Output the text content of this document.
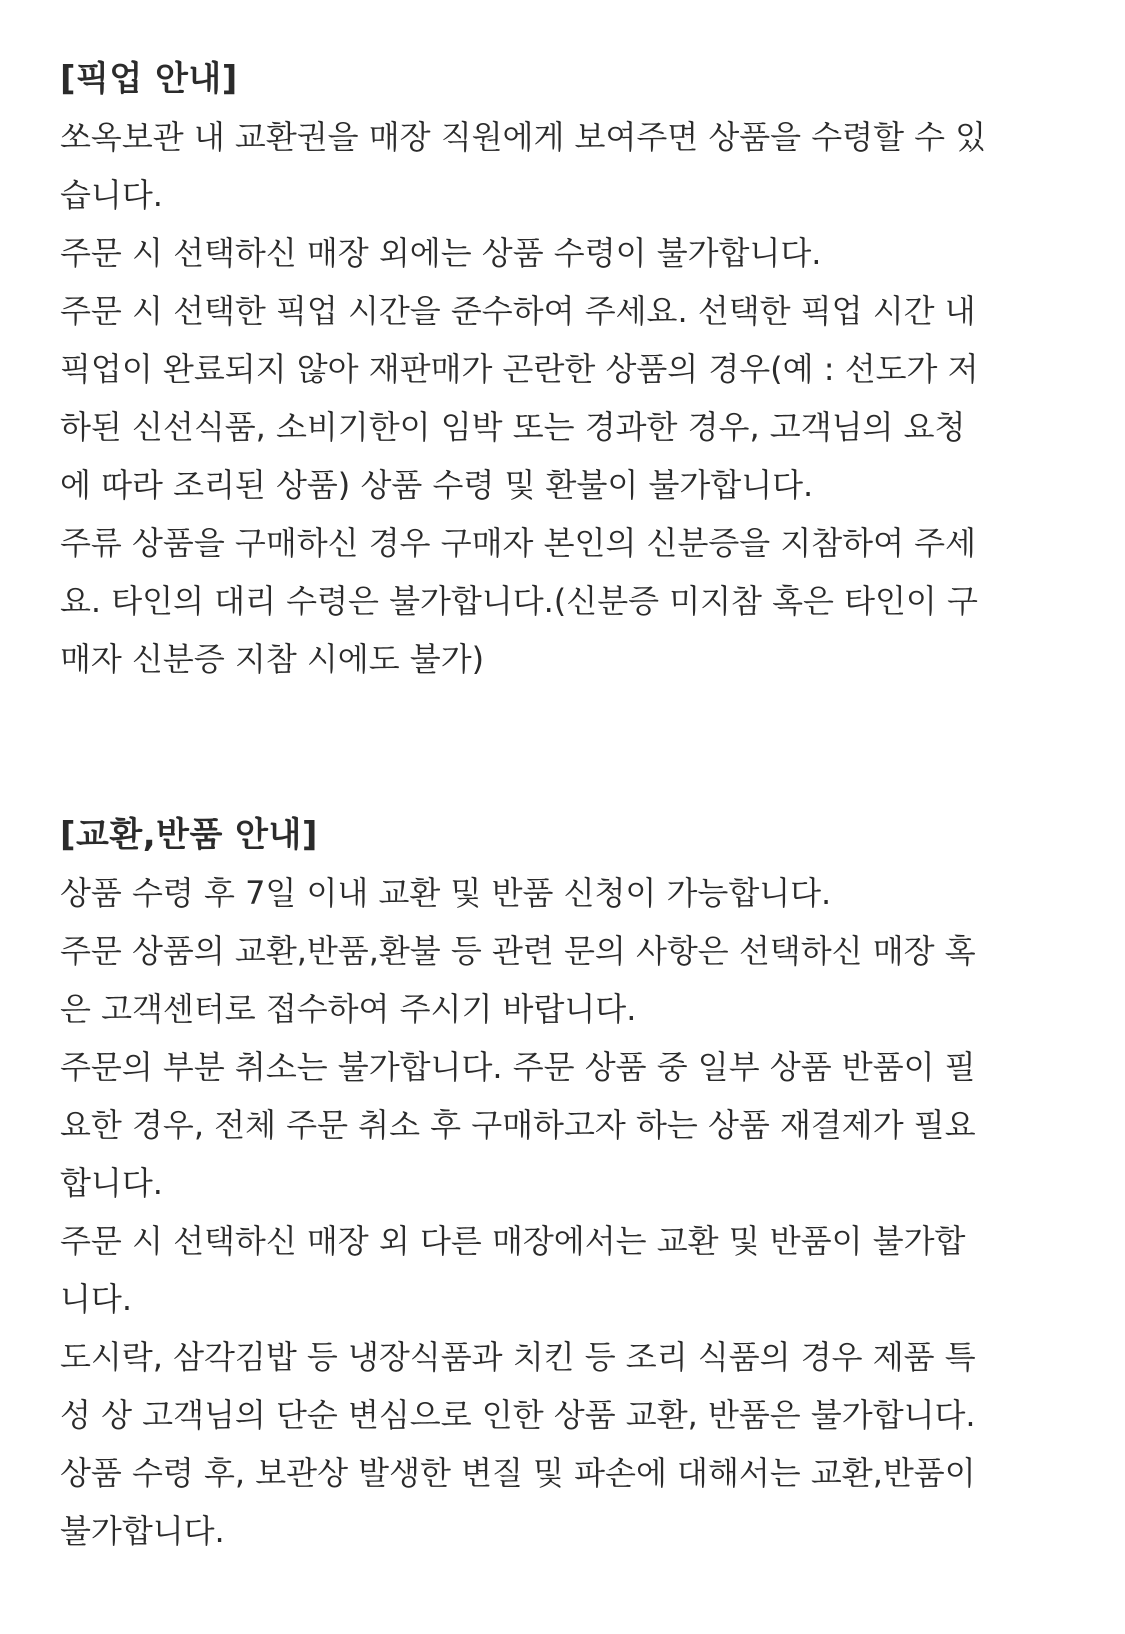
[픽업 안내]

쏘옥보관 내 교환권을 매장 직원에게 보여주면 상품을 수령할 수 있

습니다.

주문 시 선택하신 매장 외에는 상품 수령이 불가합니다.

주문 시 선택한 픽업 시간을 준수하여 주세요. 선택한 픽업 시간 내

픽업이 완료되지 않아 재판매가 곤란한 상품의 경우(예 : 선도가 저

하된 신선식품, 소비기한이 임박 또는 경과한 경우, 고객님의 요청

에 따라 조리된 상품) 상품 수령 및 환불이 불가합니다.

주류 상품을 구매하신 경우 구매자 본인의 신분증을 지참하여 주세

요. 타인의 대리 수령은 불가합니다.(신분증 미지참 혹은 타인이 구

매자 신분증 지참 시에도 불가)

[교환,반품 안내]

상품 수령 후 7일 이내 교환 및 반품 신청이 가능합니다.

주문 상품의 교환,반품,환불 등 관련 문의 사항은 선택하신 매장 혹

은 고객센터로 접수하여 주시기 바랍니다.

주문의 부분 취소는 불가합니다. 주문 상품 중 일부 상품 반품이 필

요한 경우, 전체 주문 취소 후 구매하고자 하는 상품 재결제가 필요

합니다.

주문 시 선택하신 매장 외 다른 매장에서는 교환 및 반품이 불가합

니다.

도시락, 삼각김밥 등 냉장식품과 치킨 등 조리 식품의 경우 제품 특

성 상 고객님의 단순 변심으로 인한 상품 교환, 반품은 불가합니다.

상품 수령 후, 보관상 발생한 변질 및 파손에 대해서는 교환,반품이

불가합니다.
